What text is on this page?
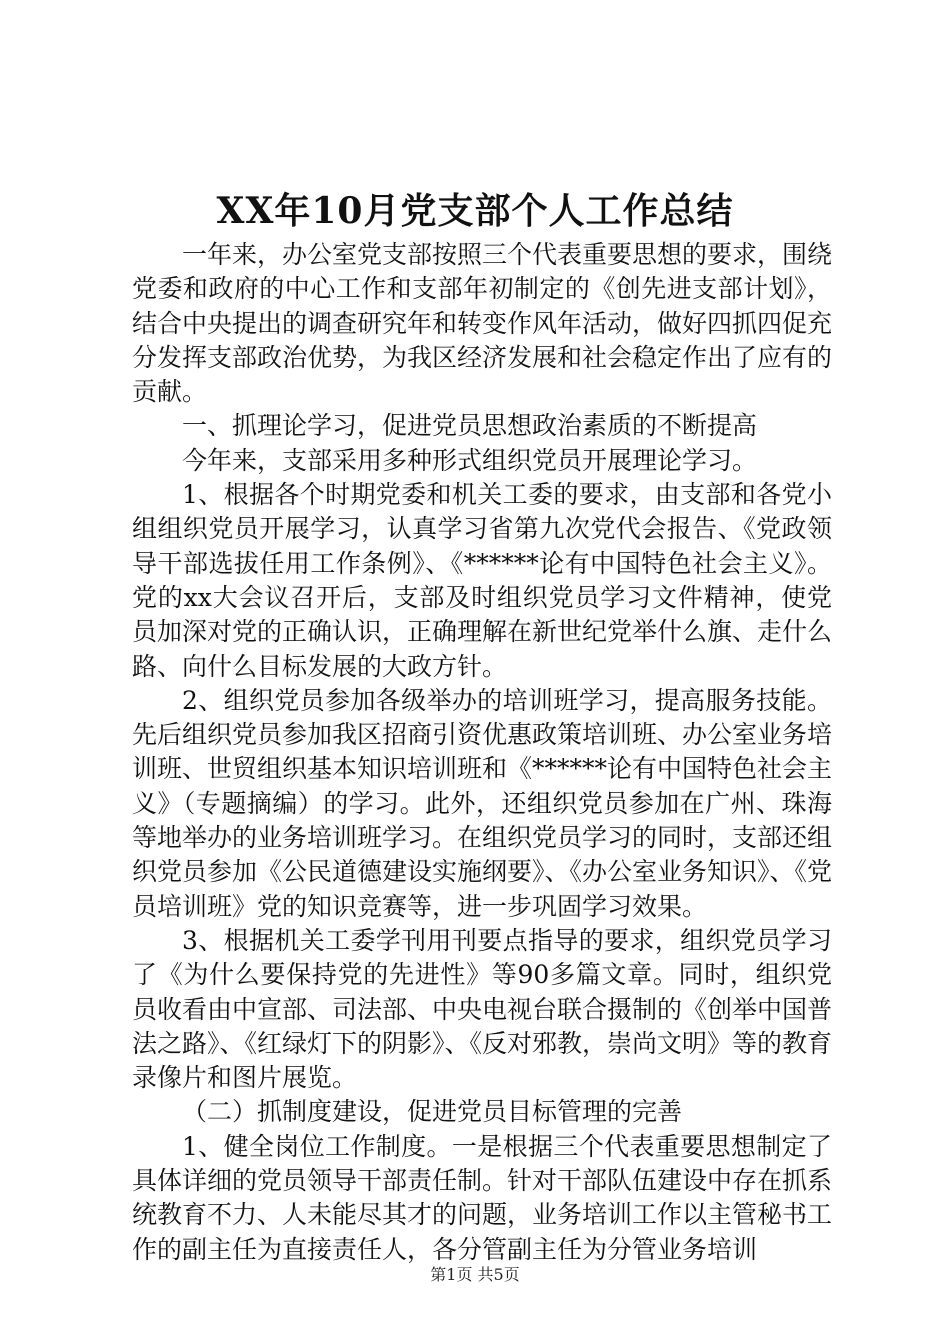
XX年10月党支部个人工作总结

一年来，办公室党支部按照三个代表重要思想的要求，围绕党委和政府的中心工作和支部年初制定的《创先进支部计划》，结合中央提出的调查研究年和转变作风年活动，做好四抓四促充分发挥支部政治优势，为我区经济发展和社会稳定作出了应有的贡献。

一、抓理论学习，促进党员思想政治素质的不断提高

今年来，支部采用多种形式组织党员开展理论学习。

1、根据各个时期党委和机关工委的要求，由支部和各党小组组织党员开展学习，认真学习省第九次党代会报告、《党政领导干部选拔任用工作条例》、《******论有中国特色社会主义》。党的xx大会议召开后，支部及时组织党员学习文件精神，使党员加深对党的正确认识，正确理解在新世纪党举什么旗、走什么路、向什么目标发展的大政方针。

2、组织党员参加各级举办的培训班学习，提高服务技能。先后组织党员参加我区招商引资优惠政策培训班、办公室业务培训班、世贸组织基本知识培训班和《******论有中国特色社会主义》（专题摘编）的学习。此外，还组织党员参加在广州、珠海等地举办的业务培训班学习。在组织党员学习的同时，支部还组织党员参加《公民道德建设实施纲要》、《办公室业务知识》、《党员培训班》党的知识竞赛等，进一步巩固学习效果。

3、根据机关工委学刊用刊要点指导的要求，组织党员学习了《为什么要保持党的先进性》等90多篇文章。同时，组织党员收看由中宣部、司法部、中央电视台联合摄制的《创举中国普法之路》、《红绿灯下的阴影》、《反对邪教，崇尚文明》等的教育录像片和图片展览。

（二）抓制度建设，促进党员目标管理的完善

1、健全岗位工作制度。一是根据三个代表重要思想制定了具体详细的党员领导干部责任制。针对干部队伍建设中存在抓系统教育不力、人未能尽其才的问题，业务培训工作以主管秘书工作的副主任为直接责任人，各分管副主任为分管业务培训

第1页 共5页
